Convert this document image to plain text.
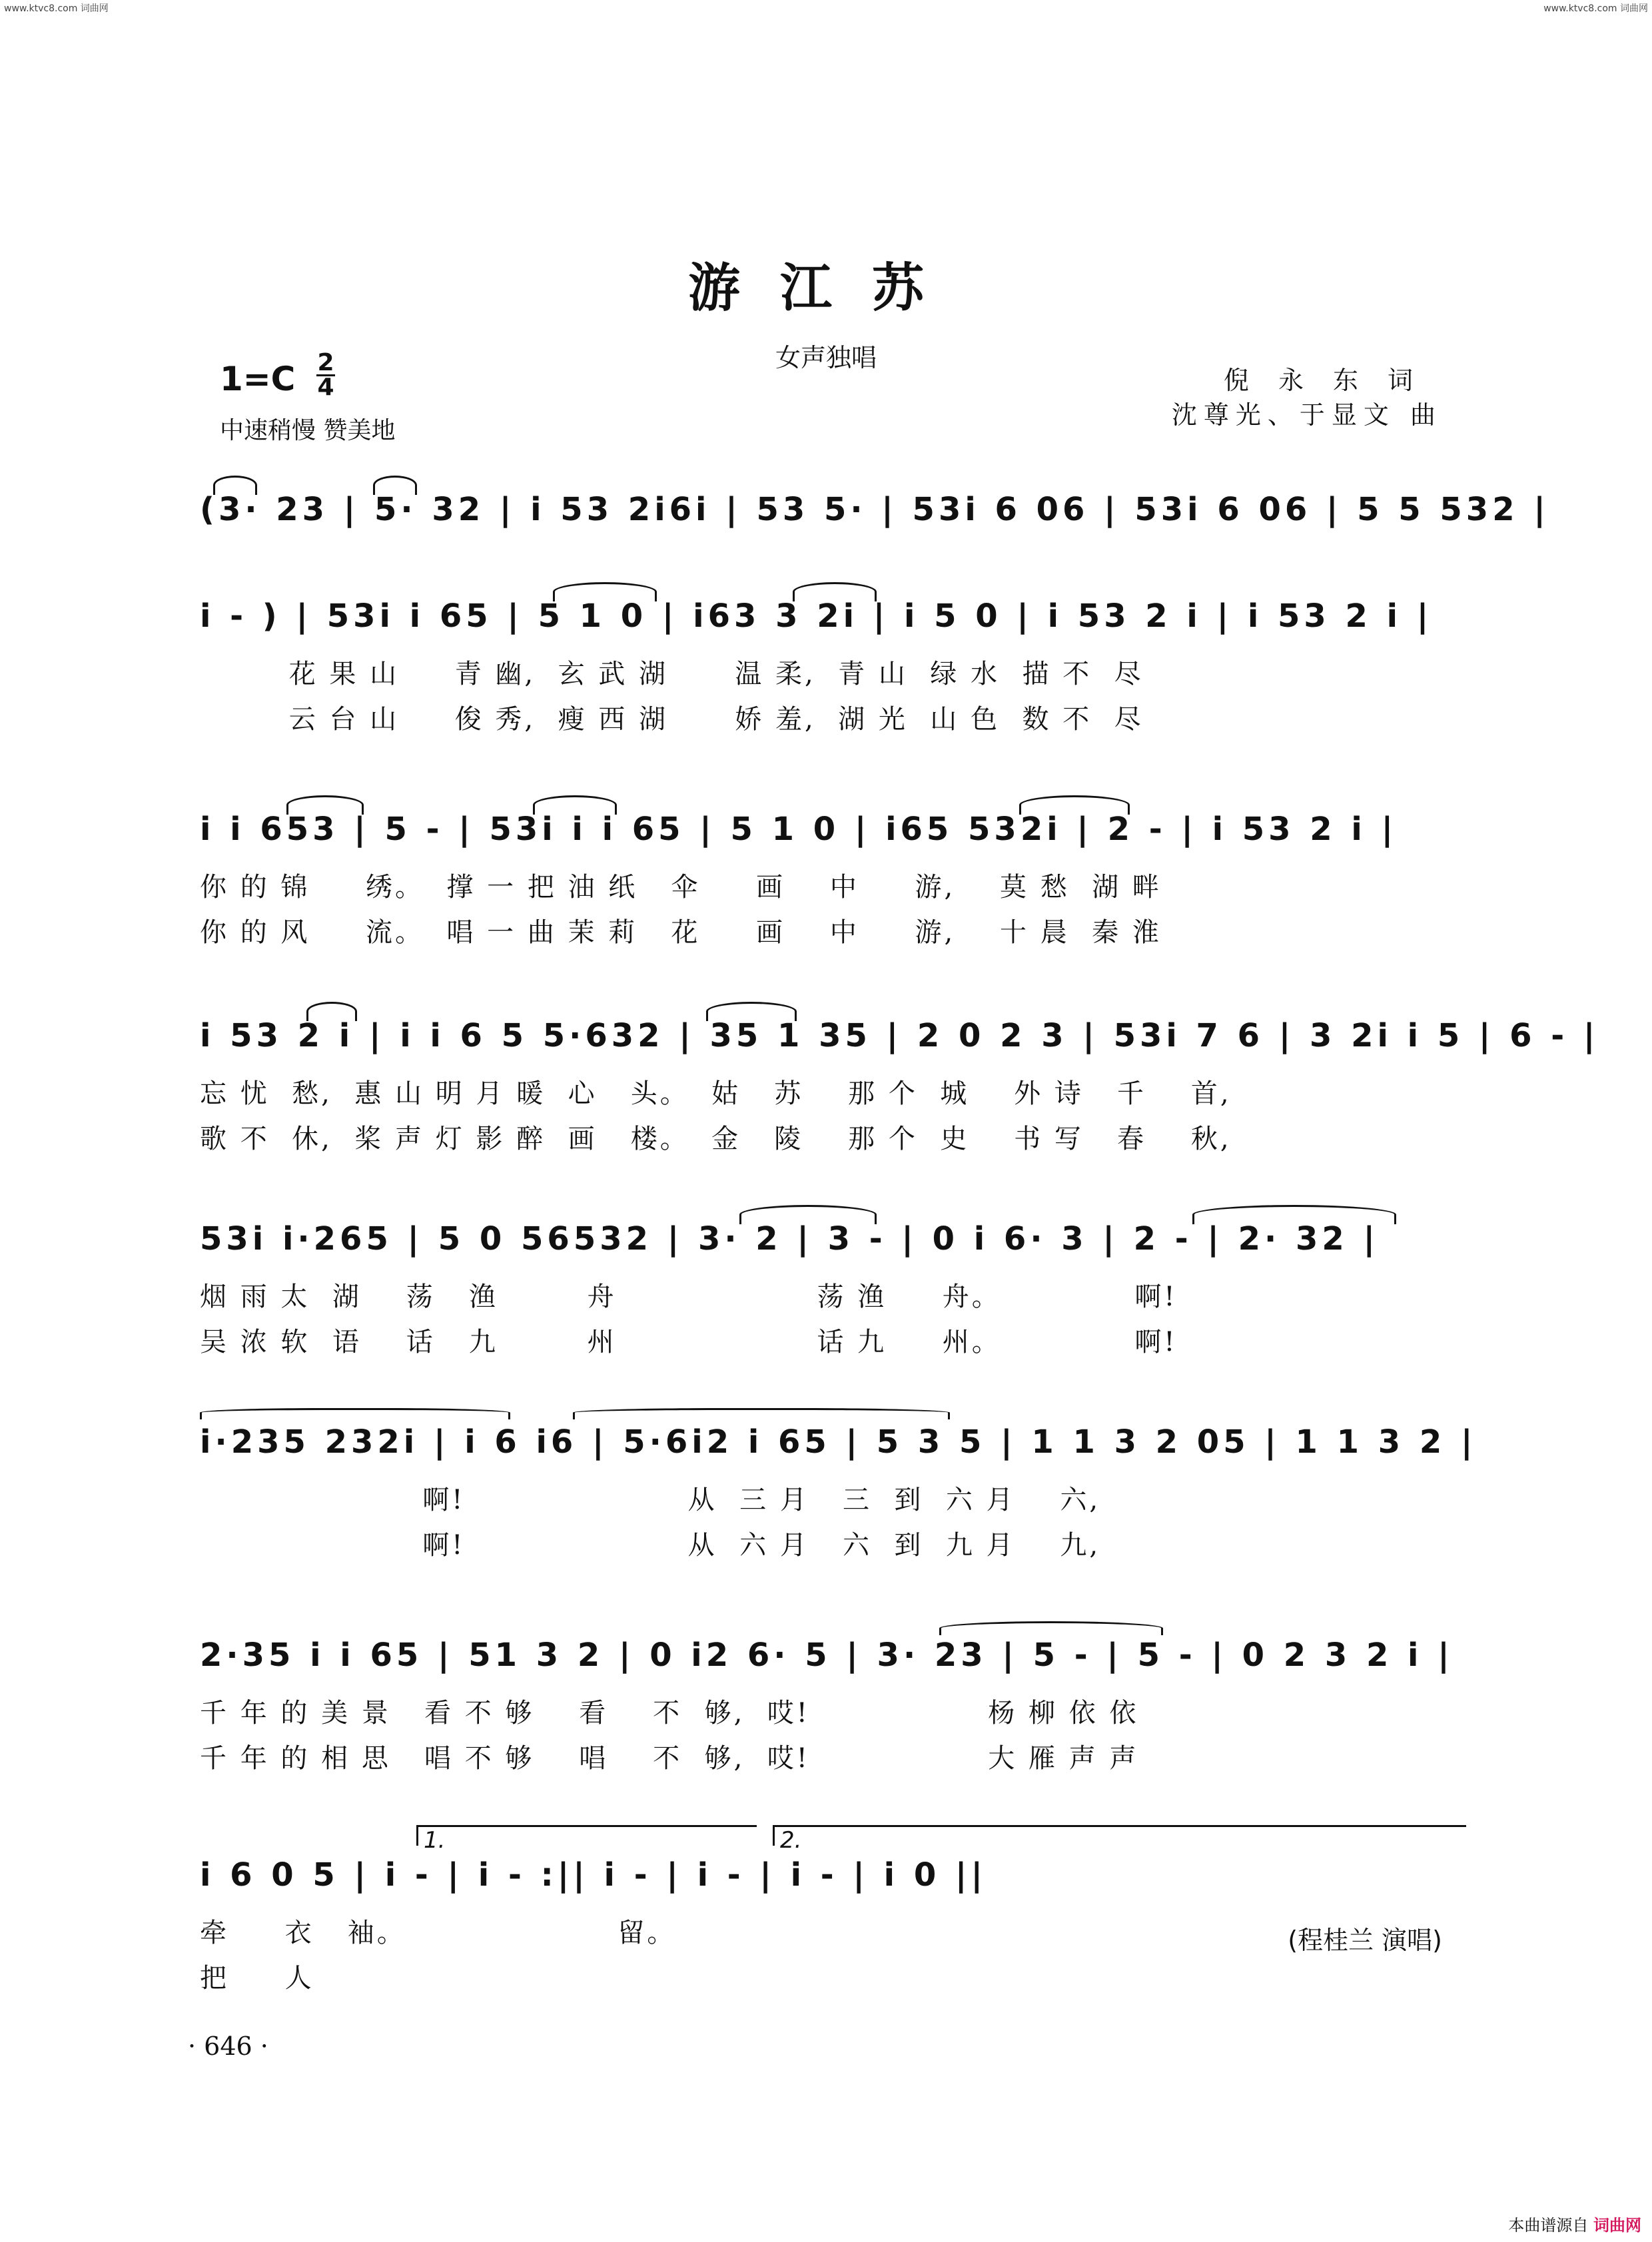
www.ktvc8.com 词曲网	www.ktvc8.com 词曲网
游江苏
女声独唱
1=C 2
4
中速稍慢 赞美地
倪永东词
沈尊光、于显文 曲
(3· 23 | 5· 32 | i 53 2i6i | 53 5· | 53i 6 06 | 53i 6 06 | 5 5 532 |
i - ) | 53i i 65 | 5 1 0 | i63 3 2i | i 5 0 | i 53 2 i | i 53 2 i |
花 果 山     青 幽,  玄 武 湖      温 柔,  青 山  绿 水  描 不  尽
云 台 山     俊 秀,  瘦 西 湖      娇 羞,  湖 光  山 色  数 不  尽
i i 653 | 5 - | 53i i i 65 | 5 1 0 | i65 532i | 2 - | i 53 2 i |
你 的 锦     绣。  撑 一 把 油 纸   伞     画    中     游,    莫 愁  湖 畔
你 的 风     流。  唱 一 曲 茉 莉   花     画    中     游,    十 晨  秦 淮
i 53 2 i | i i 6 5 5·632 | 35 1 35 | 2 0 2 3 | 53i 7 6 | 3 2i i 5 | 6 - |
忘 忧  愁,  惠 山 明 月 暖  心   头。  姑   苏    那 个  城    外 诗   千    首,
歌 不  休,  桨 声 灯 影 醉  画   楼。  金   陵    那 个  史    书 写   春    秋,
53i i·265 | 5 0 56532 | 3· 2 | 3 - | 0 i 6· 3 | 2 - | 2· 32 |
烟 雨 太  湖    荡   渔        舟                  荡 渔     舟。            啊!
吴 浓 软  语    话   九        州                  话 九     州。            啊!
i·235 232i | i 6 i6 | 5·6i2 i 65 | 5 3 5 | 1 1 3 2 05 | 1 1 3 2 |
啊!                    从  三 月   三  到  六 月    六,
啊!                    从  六 月   六  到  九 月    九,
2·35 i i 65 | 51 3 2 | 0 i2 6· 5 | 3· 23 | 5 - | 5 - | 0 2 3 2 i |
千 年 的 美 景   看 不 够    看    不  够,  哎!                杨 柳 依 依
千 年 的 相 思   唱 不 够    唱    不  够,  哎!                大 雁 声 声
1.	2.
i 6 0 5 | i - | i - :|| i - | i - | i - | i 0 ||
牵     衣   袖。                   留。
把     人
(程桂兰 演唱)
· 646 ·
本曲谱源自 词曲网
